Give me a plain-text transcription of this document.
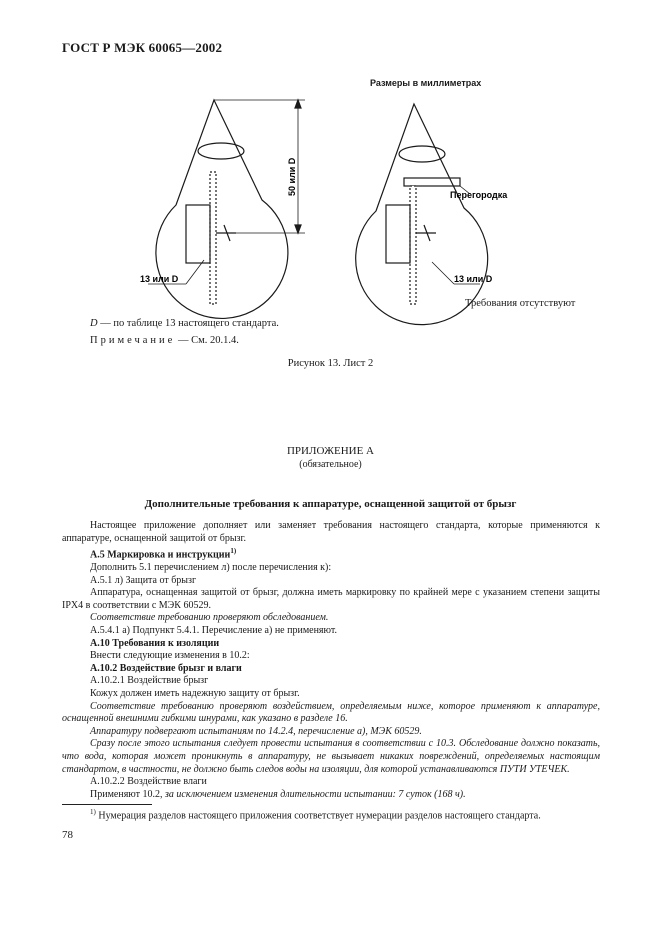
ГОСТ Р МЭК 60065—2002
Размеры в миллиметрах
50 или D
13 или D
Перегородка
13 или D
Требования отсутствуют
D — по таблице 13 настоящего стандарта.
Примечание — См. 20.1.4.
Рисунок 13. Лист 2
ПРИЛОЖЕНИЕ А
(обязательное)
Дополнительные требования к аппаратуре, оснащенной защитой от брызг

Настоящее приложение дополняет или заменяет требования настоящего стандарта, которые применяются к аппаратуре, оснащенной защитой от брызг.

А.5 Маркировка и инструкции$^{1)}$

Дополнить 5.1 перечислением л) после перечисления к):

А.5.1 л) Защита от брызг

Аппаратура, оснащенная защитой от брызг, должна иметь маркировку по крайней мере с указанием степени защиты IPX4 в соответствии с МЭК 60529.

Соответствие требованию проверяют обследованием.

А.5.4.1 а) Подпункт 5.4.1. Перечисление а) не применяют.

А.10 Требования к изоляции

Внести следующие изменения в 10.2:

А.10.2 Воздействие брызг и влаги

А.10.2.1 Воздействие брызг

Кожух должен иметь надежную защиту от брызг.

Соответствие требованию проверяют воздействием, определяемым ниже, которое применяют к аппаратуре, оснащенной внешними гибкими шнурами, как указано в разделе 16.

Аппаратуру подвергают испытаниям по 14.2.4, перечисление а), МЭК 60529.

Сразу после этого испытания следует провести испытания в соответствии с 10.3. Обследование должно показать, что вода, которая может проникнуть в аппаратуру, не вызывает никаких повреждений, определяемых настоящим стандартом, в частности, не должно быть следов воды на изоляции, для которой устанавливаются ПУТИ УТЕЧЕК.

А.10.2.2 Воздействие влаги

Применяют 10.2, за исключением изменения длительности испытании: 7 суток (168 ч).

$^{1)}$ Нумерация разделов настоящего приложения соответствует нумерации разделов настоящего стандарта.
78
